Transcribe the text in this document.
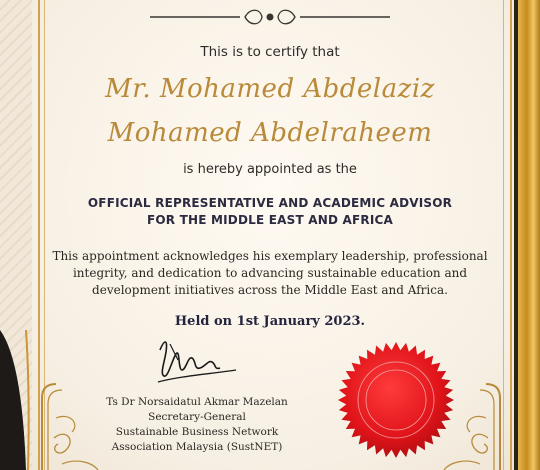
This is to certify that
Mr. Mohamed Abdelaziz
Mohamed Abdelraheem
is hereby appointed as the
OFFICIAL REPRESENTATIVE AND ACADEMIC ADVISOR
FOR THE MIDDLE EAST AND AFRICA
This appointment acknowledges his exemplary leadership, professional
integrity, and dedication to advancing sustainable education and
development initiatives across the Middle East and Africa.
Held on 1st January 2023.
Ts Dr Norsaidatul Akmar Mazelan
Secretary-General
Sustainable Business Network
Association Malaysia (SustNET)
